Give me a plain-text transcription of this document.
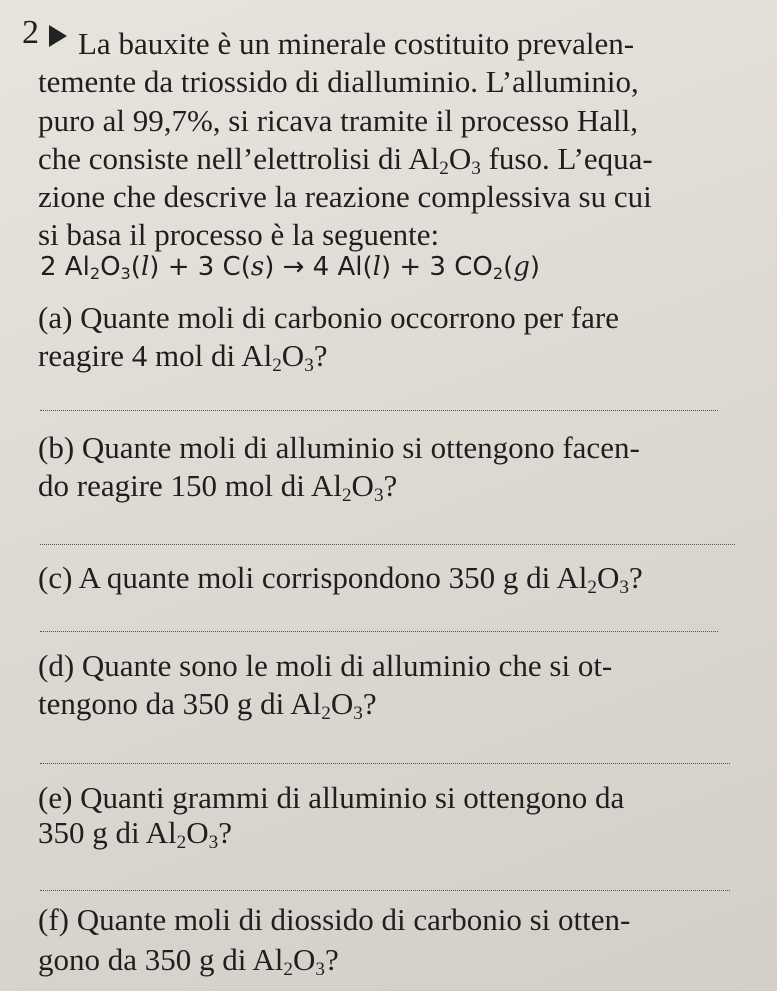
2 La bauxite è un minerale costituito prevalen-
temente da triossido di dialluminio. L’alluminio,
puro al 99,7%, si ricava tramite il processo Hall,
che consiste nell’elettrolisi di $Al_2O_3$ fuso. L’equa-
zione che descrive la reazione complessiva su cui
si basa il processo è la seguente:
2 $Al_2O_3(l) + 3$ C(s) → 4 Al(l) + 3 $CO_2(g)$
(a) Quante moli di carbonio occorrono per fare
reagire 4 mol di $Al_2O_3$?
(b) Quante moli di alluminio si ottengono facen-
do reagire 150 mol di $Al_2O_3$?
(c) A quante moli corrispondono 350 g di $Al_2O_3$?
(d) Quante sono le moli di alluminio che si ot-
tengono da 350 g di $Al_2O_3$?
(e) Quanti grammi di alluminio si ottengono da
350 g di $Al_2O_3$?
(f) Quante moli di diossido di carbonio si otten-
gono da 350 g di $Al_2O_3$?
